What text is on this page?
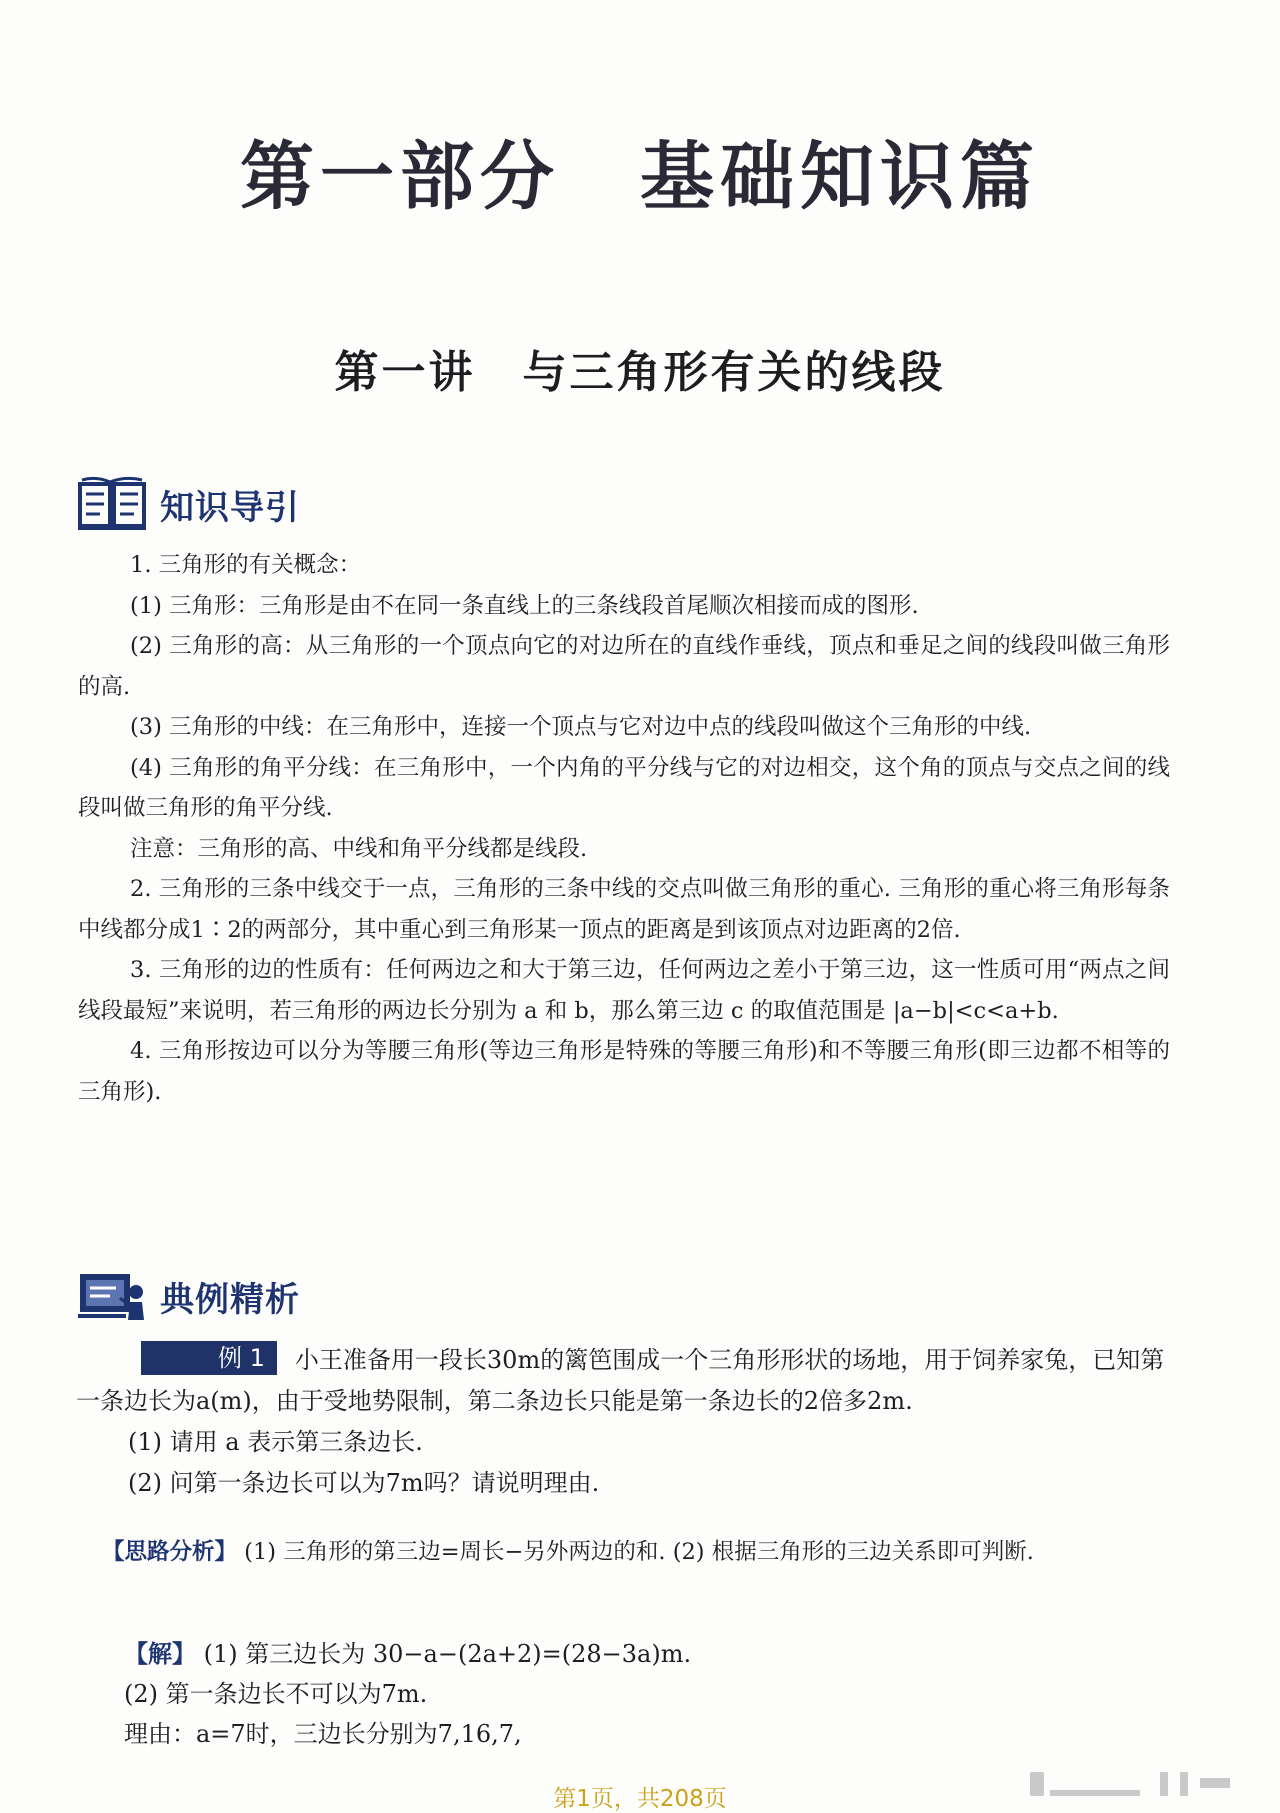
第一部分　基础知识篇
第一讲　与三角形有关的线段
知识导引

1. 三角形的有关概念：

(1) 三角形：三角形是由不在同一条直线上的三条线段首尾顺次相接而成的图形.

(2) 三角形的高：从三角形的一个顶点向它的对边所在的直线作垂线，顶点和垂足之间的线段叫做三角形的高.

(3) 三角形的中线：在三角形中，连接一个顶点与它对边中点的线段叫做这个三角形的中线.

(4) 三角形的角平分线：在三角形中，一个内角的平分线与它的对边相交，这个角的顶点与交点之间的线段叫做三角形的角平分线.

注意：三角形的高、中线和角平分线都是线段.

2. 三角形的三条中线交于一点，三角形的三条中线的交点叫做三角形的重心. 三角形的重心将三角形每条中线都分成1∶2的两部分，其中重心到三角形某一顶点的距离是到该顶点对边距离的2倍.

3. 三角形的边的性质有：任何两边之和大于第三边，任何两边之差小于第三边，这一性质可用“两点之间线段最短”来说明，若三角形的两边长分别为 a 和 b，那么第三边 c 的取值范围是 |a−b|<c<a+b.

4. 三角形按边可以分为等腰三角形(等边三角形是特殊的等腰三角形)和不等腰三角形(即三边都不相等的三角形).

典例精析

例 1 小王准备用一段长30m的篱笆围成一个三角形形状的场地，用于饲养家兔，已知第一条边长为a(m)，由于受地势限制，第二条边长只能是第一条边长的2倍多2m.

(1) 请用 a 表示第三条边长.

(2) 问第一条边长可以为7m吗？请说明理由.

【思路分析】 (1) 三角形的第三边=周长−另外两边的和. (2) 根据三角形的三边关系即可判断.

【解】 (1) 第三边长为 30−a−(2a+2)=(28−3a)m.

(2) 第一条边长不可以为7m.

理由：a=7时，三边长分别为7,16,7,

第1页，共208页
